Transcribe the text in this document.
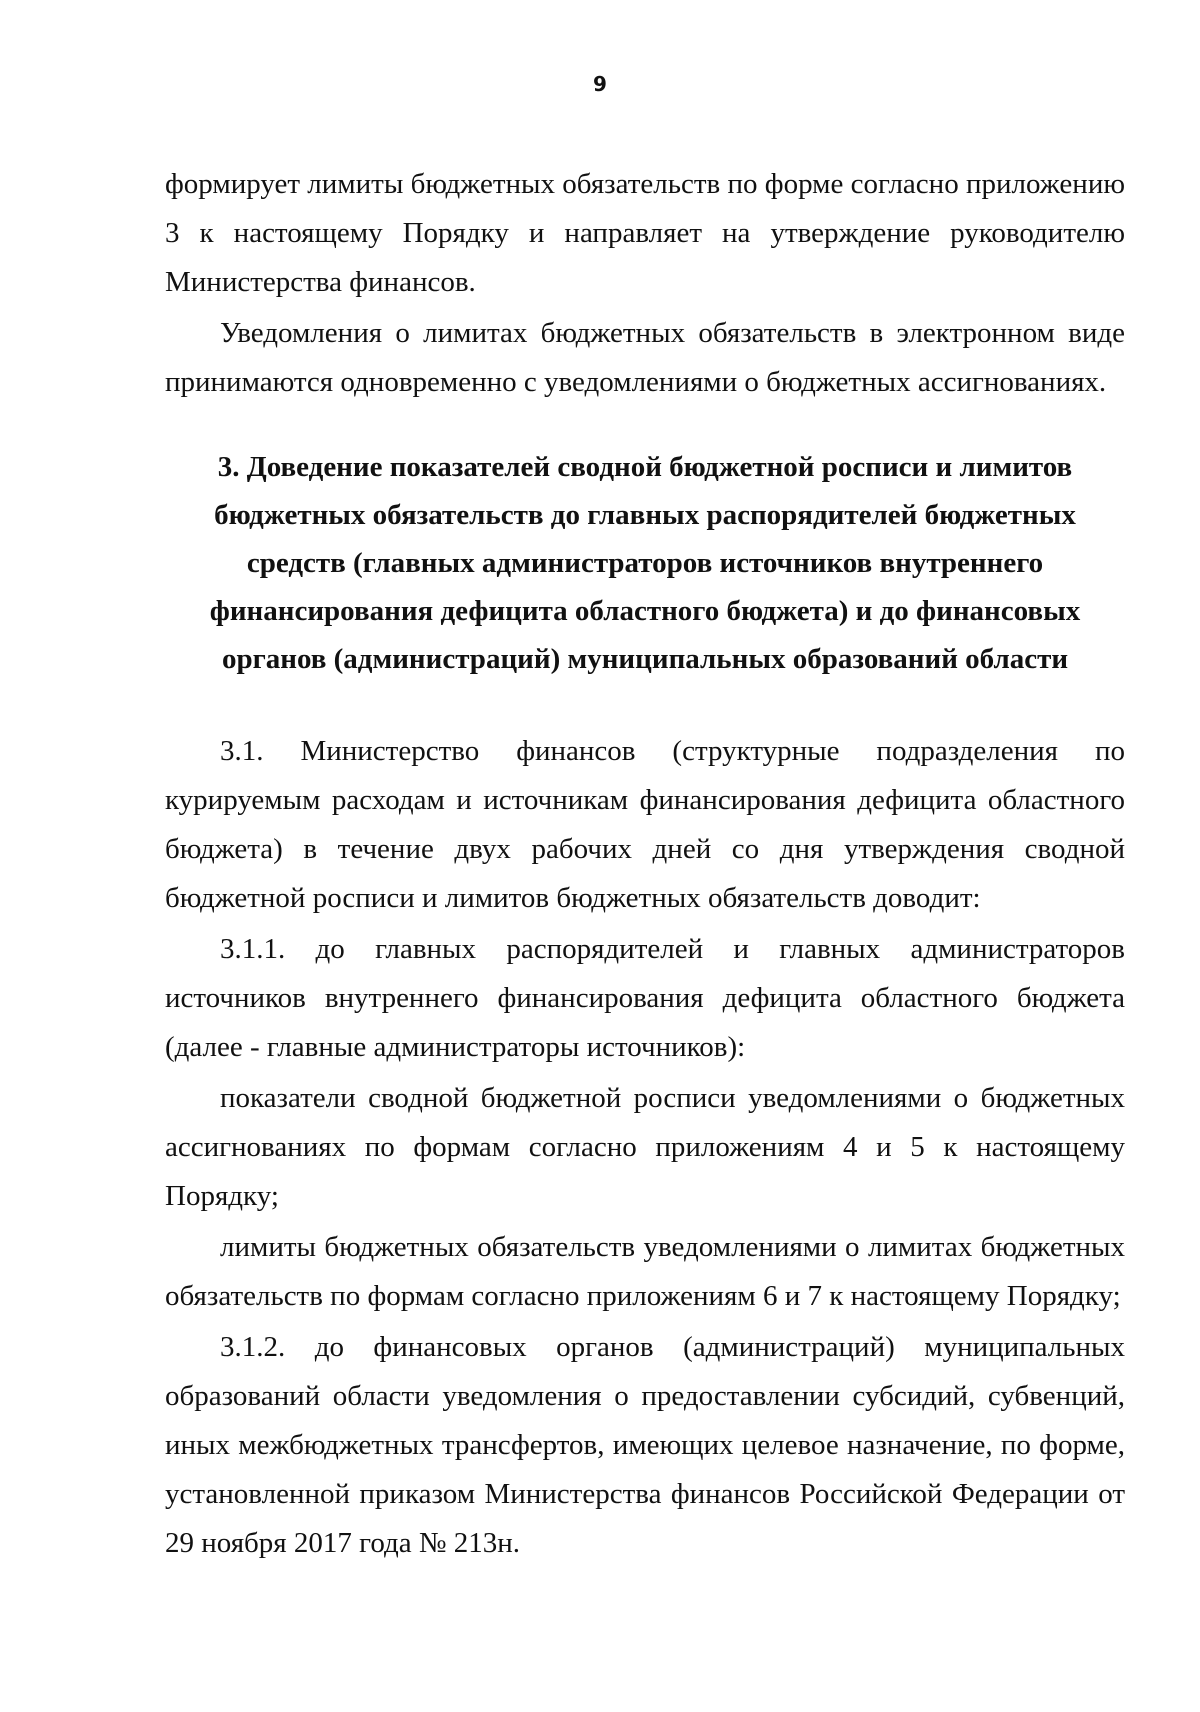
9

формирует лимиты бюджетных обязательств по форме согласно приложению 3 к настоящему Порядку и направляет на утверждение руководителю Министерства финансов.

Уведомления о лимитах бюджетных обязательств в электронном виде принимаются одновременно с уведомлениями о бюджетных ассигнованиях.

3. Доведение показателей сводной бюджетной росписи и лимитов
бюджетных обязательств до главных распорядителей бюджетных
средств (главных администраторов источников внутреннего
финансирования дефицита областного бюджета) и до финансовых
органов (администраций) муниципальных образований области

3.1. Министерство финансов (структурные подразделения по курируемым расходам и источникам финансирования дефицита областного бюджета) в течение двух рабочих дней со дня утверждения сводной бюджетной росписи и лимитов бюджетных обязательств доводит:

3.1.1. до главных распорядителей и главных администраторов источников внутреннего финансирования дефицита областного бюджета (далее - главные администраторы источников):

показатели сводной бюджетной росписи уведомлениями о бюджетных ассигнованиях по формам согласно приложениям 4 и 5 к настоящему Порядку;

лимиты бюджетных обязательств уведомлениями о лимитах бюджетных обязательств по формам согласно приложениям 6 и 7 к настоящему Порядку;

3.1.2. до финансовых органов (администраций) муниципальных образований области уведомления о предоставлении субсидий, субвенций, иных межбюджетных трансфертов, имеющих целевое назначение, по форме, установленной приказом Министерства финансов Российской Федерации от 29 ноября 2017 года № 213н.
